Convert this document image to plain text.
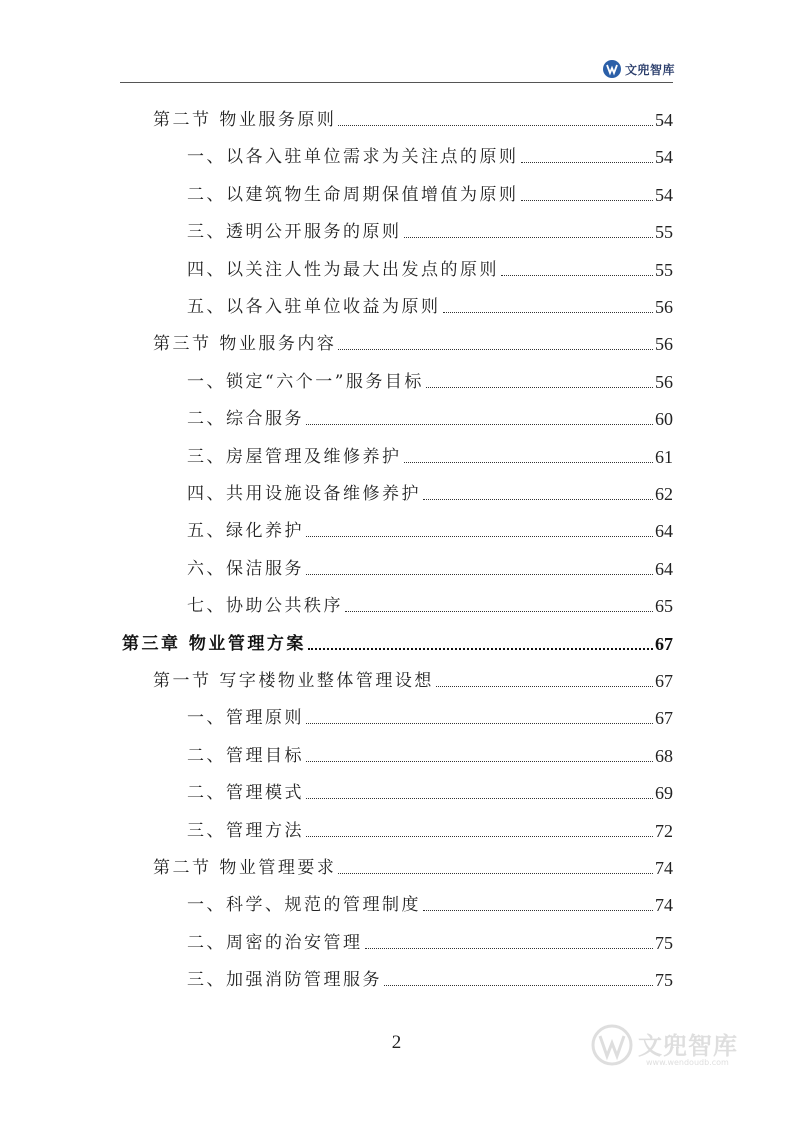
文兜智库
第二节 物业服务原则	54
一、以各入驻单位需求为关注点的原则	54
二、以建筑物生命周期保值增值为原则	54
三、透明公开服务的原则	55
四、以关注人性为最大出发点的原则	55
五、以各入驻单位收益为原则	56
第三节 物业服务内容	56
一、锁定“六个一”服务目标	56
二、综合服务	60
三、房屋管理及维修养护	61
四、共用设施设备维修养护	62
五、绿化养护	64
六、保洁服务	64
七、协助公共秩序	65
第三章 物业管理方案	67
第一节 写字楼物业整体管理设想	67
一、管理原则	67
二、管理目标	68
二、管理模式	69
三、管理方法	72
第二节 物业管理要求	74
一、科学、规范的管理制度	74
二、周密的治安管理	75
三、加强消防管理服务	75
2	文兜智库
www.wendoudb.com
